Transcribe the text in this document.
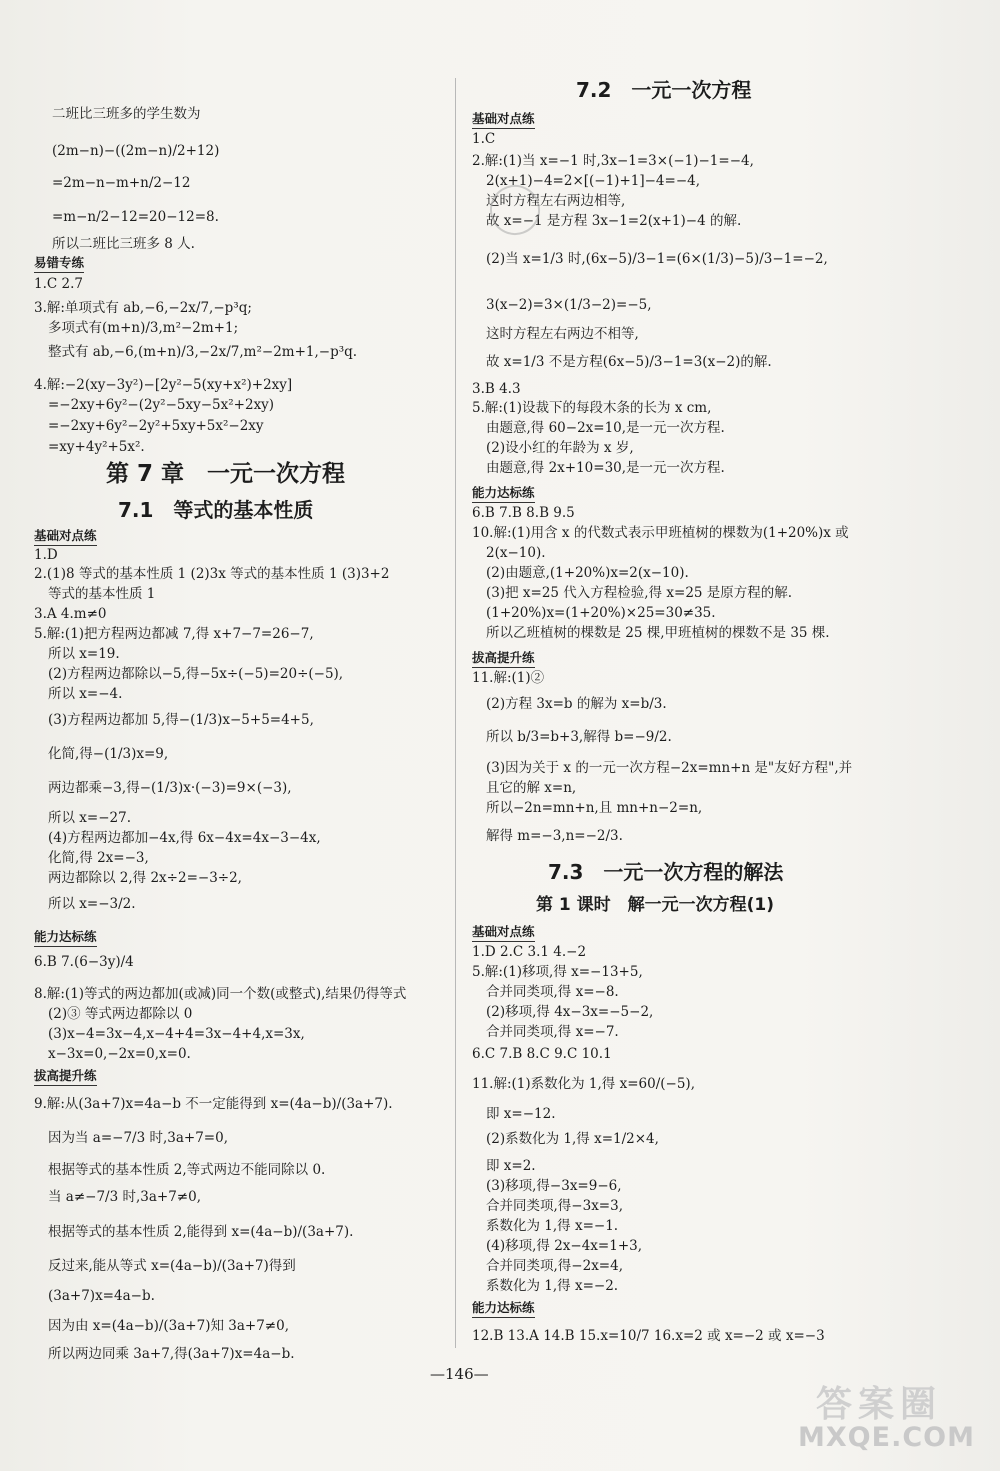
二班比三班多的学生数为
(2m−n)−((2m−n)/2+12)
=2m−n−m+n/2−12
=m−n/2−12=20−12=8.
所以二班比三班多 8 人.
易错专练
1.C 2.7
3.解:单项式有 ab,−6,−2x/7,−p³q;
多项式有(m+n)/3,m²−2m+1;
整式有 ab,−6,(m+n)/3,−2x/7,m²−2m+1,−p³q.
4.解:−2(xy−3y²)−[2y²−5(xy+x²)+2xy]
=−2xy+6y²−(2y²−5xy−5x²+2xy)
=−2xy+6y²−2y²+5xy+5x²−2xy
=xy+4y²+5x².
第 7 章　一元一次方程
7.1　等式的基本性质
基础对点练
1.D
2.(1)8 等式的基本性质 1 (2)3x 等式的基本性质 1 (3)3+2
等式的基本性质 1
3.A 4.m≠0
5.解:(1)把方程两边都减 7,得 x+7−7=26−7,
所以 x=19.
(2)方程两边都除以−5,得−5x÷(−5)=20÷(−5),
所以 x=−4.
(3)方程两边都加 5,得−(1/3)x−5+5=4+5,
化简,得−(1/3)x=9,
两边都乘−3,得−(1/3)x·(−3)=9×(−3),
所以 x=−27.
(4)方程两边都加−4x,得 6x−4x=4x−3−4x,
化简,得 2x=−3,
两边都除以 2,得 2x÷2=−3÷2,
所以 x=−3/2.
能力达标练
6.B 7.(6−3y)/4
8.解:(1)等式的两边都加(或减)同一个数(或整式),结果仍得等式
(2)③ 等式两边都除以 0
(3)x−4=3x−4,x−4+4=3x−4+4,x=3x,
x−3x=0,−2x=0,x=0.
拔高提升练
9.解:从(3a+7)x=4a−b 不一定能得到 x=(4a−b)/(3a+7).
因为当 a=−7/3 时,3a+7=0,
根据等式的基本性质 2,等式两边不能同除以 0.
当 a≠−7/3 时,3a+7≠0,
根据等式的基本性质 2,能得到 x=(4a−b)/(3a+7).
反过来,能从等式 x=(4a−b)/(3a+7)得到
(3a+7)x=4a−b.
因为由 x=(4a−b)/(3a+7)知 3a+7≠0,
所以两边同乘 3a+7,得(3a+7)x=4a−b.
7.2　一元一次方程
基础对点练
1.C
2.解:(1)当 x=−1 时,3x−1=3×(−1)−1=−4,
2(x+1)−4=2×[(−1)+1]−4=−4,
这时方程左右两边相等,
故 x=−1 是方程 3x−1=2(x+1)−4 的解.
(2)当 x=1/3 时,(6x−5)/3−1=(6×(1/3)−5)/3−1=−2,
3(x−2)=3×(1/3−2)=−5,
这时方程左右两边不相等,
故 x=1/3 不是方程(6x−5)/3−1=3(x−2)的解.
3.B 4.3
5.解:(1)设裁下的每段木条的长为 x cm,
由题意,得 60−2x=10,是一元一次方程.
(2)设小红的年龄为 x 岁,
由题意,得 2x+10=30,是一元一次方程.
能力达标练
6.B 7.B 8.B 9.5
10.解:(1)用含 x 的代数式表示甲班植树的棵数为(1+20%)x 或
2(x−10).
(2)由题意,(1+20%)x=2(x−10).
(3)把 x=25 代入方程检验,得 x=25 是原方程的解.
(1+20%)x=(1+20%)×25=30≠35.
所以乙班植树的棵数是 25 棵,甲班植树的棵数不是 35 棵.
拔高提升练
11.解:(1)②
(2)方程 3x=b 的解为 x=b/3.
所以 b/3=b+3,解得 b=−9/2.
(3)因为关于 x 的一元一次方程−2x=mn+n 是"友好方程",并
且它的解 x=n,
所以−2n=mn+n,且 mn+n−2=n,
解得 m=−3,n=−2/3.
7.3　一元一次方程的解法
第 1 课时　解一元一次方程(1)
基础对点练
1.D 2.C 3.1 4.−2
5.解:(1)移项,得 x=−13+5,
合并同类项,得 x=−8.
(2)移项,得 4x−3x=−5−2,
合并同类项,得 x=−7.
6.C 7.B 8.C 9.C 10.1
11.解:(1)系数化为 1,得 x=60/(−5),
即 x=−12.
(2)系数化为 1,得 x=1/2×4,
即 x=2.
(3)移项,得−3x=9−6,
合并同类项,得−3x=3,
系数化为 1,得 x=−1.
(4)移项,得 2x−4x=1+3,
合并同类项,得−2x=4,
系数化为 1,得 x=−2.
能力达标练
12.B 13.A 14.B 15.x=10/7 16.x=2 或 x=−2 或 x=−3
—146—
答案圈
MXQE.COM
